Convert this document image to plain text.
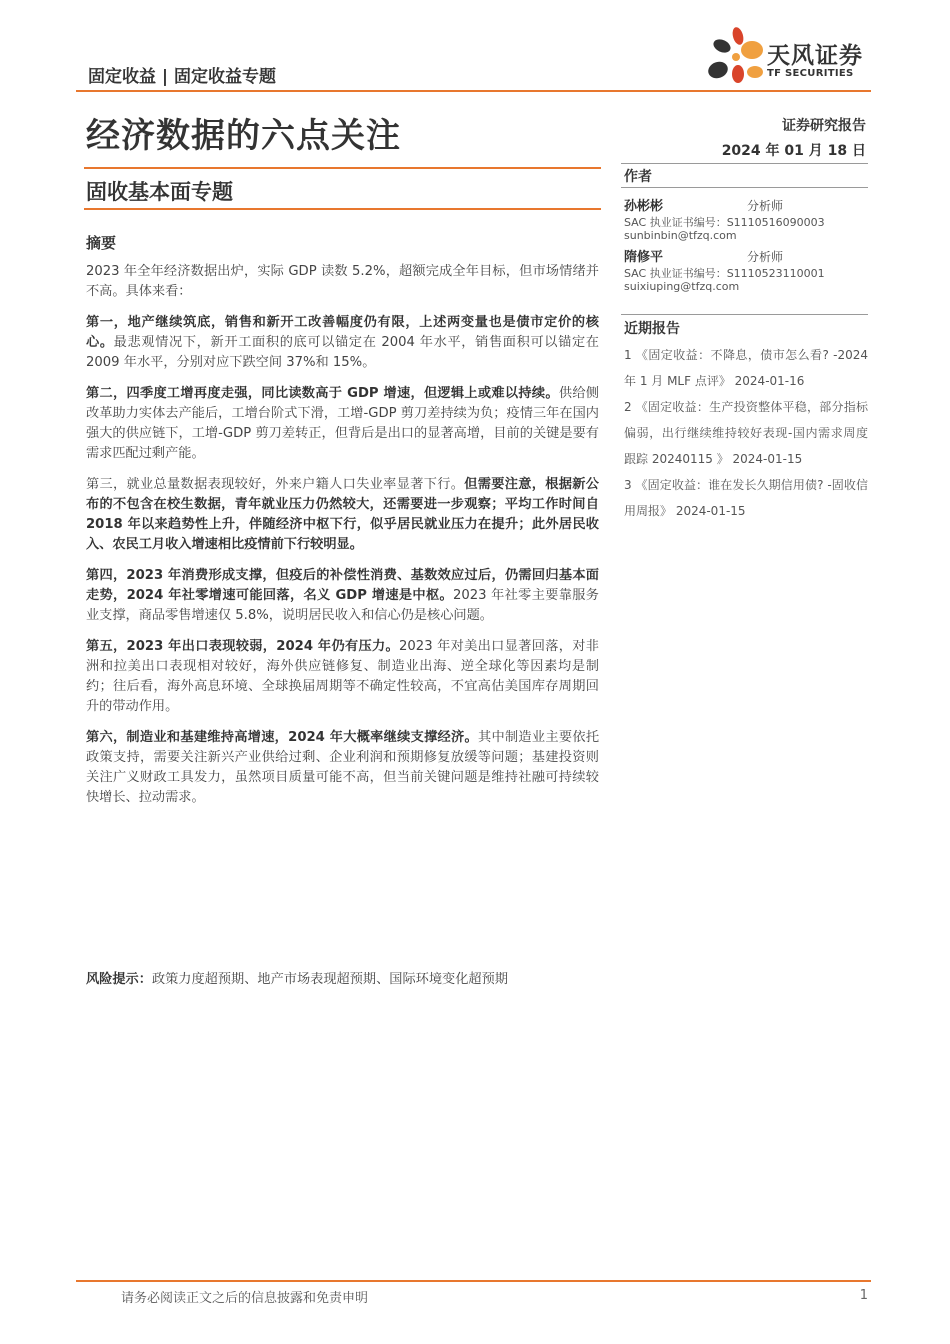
固定收益 | 固定收益专题
天风证券
TF SECURITIES
经济数据的六点关注	证券研究报告
2024 年 01 月 18 日
固收基本面专题
摘要

2023 年全年经济数据出炉，实际 GDP 读数 5.2%，超额完成全年目标，但市场情绪并不高。具体来看：

第一，地产继续筑底，销售和新开工改善幅度仍有限，上述两变量也是债市定价的核心。最悲观情况下，新开工面积的底可以锚定在 2004 年水平，销售面积可以锚定在 2009 年水平，分别对应下跌空间 37%和 15%。

第二，四季度工增再度走强，同比读数高于 GDP 增速，但逻辑上或难以持续。供给侧改革助力实体去产能后，工增台阶式下滑，工增-GDP 剪刀差持续为负；疫情三年在国内强大的供应链下，工增-GDP 剪刀差转正，但背后是出口的显著高增，目前的关键是要有需求匹配过剩产能。

第三，就业总量数据表现较好，外来户籍人口失业率显著下行。但需要注意，根据新公布的不包含在校生数据，青年就业压力仍然较大，还需要进一步观察；平均工作时间自 2018 年以来趋势性上升，伴随经济中枢下行，似乎居民就业压力在提升；此外居民收入、农民工月收入增速相比疫情前下行较明显。

第四，2023 年消费形成支撑，但疫后的补偿性消费、基数效应过后，仍需回归基本面走势，2024 年社零增速可能回落，名义 GDP 增速是中枢。2023 年社零主要靠服务业支撑，商品零售增速仅 5.8%，说明居民收入和信心仍是核心问题。

第五，2023 年出口表现较弱，2024 年仍有压力。2023 年对美出口显著回落，对非洲和拉美出口表现相对较好，海外供应链修复、制造业出海、逆全球化等因素均是制约；往后看，海外高息环境、全球换届周期等不确定性较高，不宜高估美国库存周期回升的带动作用。

第六，制造业和基建维持高增速，2024 年大概率继续支撑经济。其中制造业主要依托政策支持，需要关注新兴产业供给过剩、企业利润和预期修复放缓等问题；基建投资则关注广义财政工具发力，虽然项目质量可能不高，但当前关键问题是维持社融可持续较快增长、拉动需求。

风险提示：政策力度超预期、地产市场表现超预期、国际环境变化超预期
作者
孙彬彬	分析师
SAC 执业证书编号：S1110516090003
sunbinbin@tfzq.com
隋修平	分析师
SAC 执业证书编号：S1110523110001
suixiuping@tfzq.com
近期报告
1 《固定收益：不降息，债市怎么看? -2024 年 1 月 MLF 点评》 2024-01-16
2 《固定收益：生产投资整体平稳，部分指标偏弱，出行继续维持较好表现-国内需求周度跟踪 20240115 》 2024-01-15
3 《固定收益：谁在发长久期信用债? -固收信用周报》 2024-01-15
请务必阅读正文之后的信息披露和免责申明	1
